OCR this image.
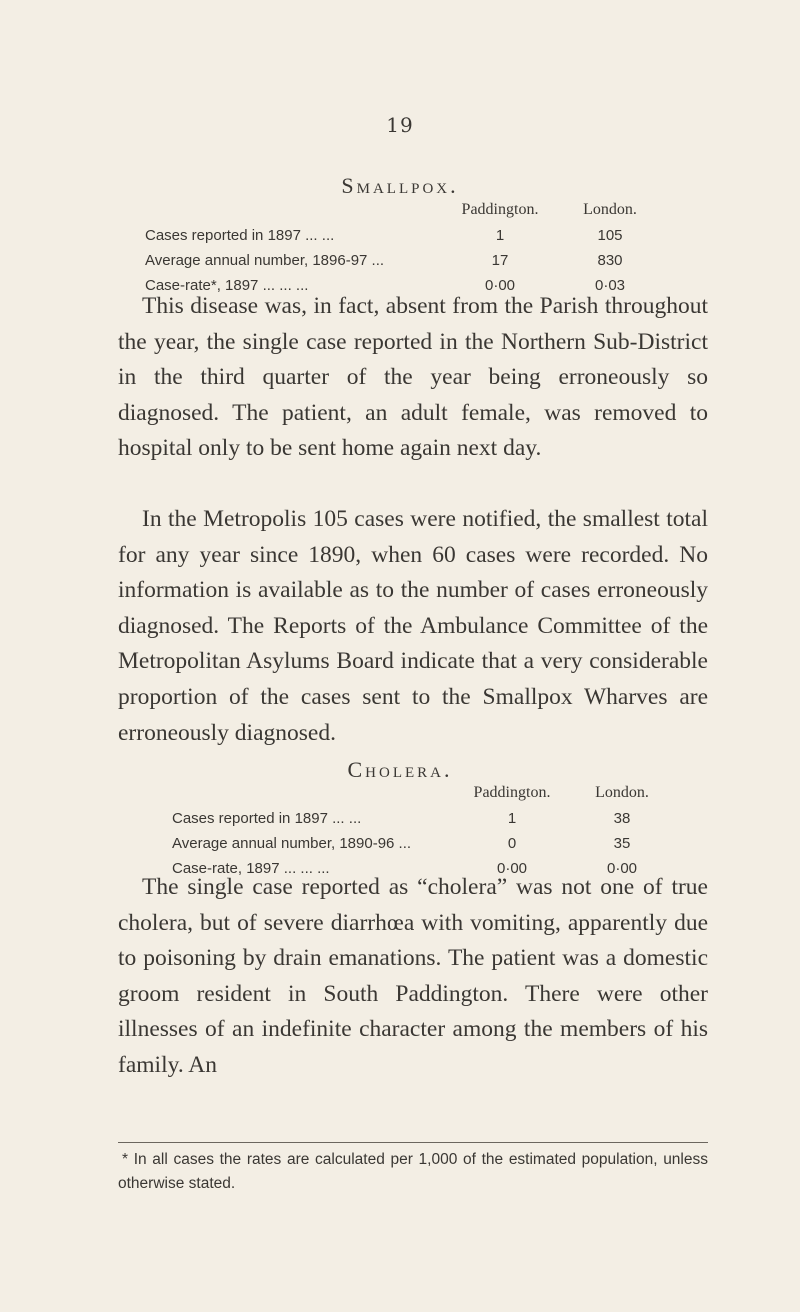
19
Smallpox.
	Paddington.	London.
Cases reported in 1897 ... ...	1	105
Average annual number, 1896-97 ...	17	830
Case-rate*, 1897 ... ... ...	0·00	0·03

This disease was, in fact, absent from the Parish throughout the year, the single case reported in the Northern Sub-District in the third quarter of the year being erroneously so diagnosed. The patient, an adult female, was removed to hospital only to be sent home again next day.

In the Metropolis 105 cases were notified, the smallest total for any year since 1890, when 60 cases were recorded. No information is available as to the number of cases erroneously diagnosed. The Reports of the Ambulance Committee of the Metropolitan Asylums Board indicate that a very considerable proportion of the cases sent to the Smallpox Wharves are erroneously diagnosed.

Cholera.
	Paddington.	London.
Cases reported in 1897 ... ...	1	38
Average annual number, 1890-96 ...	0	35
Case-rate, 1897 ... ... ...	0·00	0·00

The single case reported as “cholera” was not one of true cholera, but of severe diarrhœa with vomiting, apparently due to poisoning by drain emanations. The patient was a domestic groom resident in South Paddington. There were other illnesses of an indefinite character among the members of his family. An

* In all cases the rates are calculated per 1,000 of the estimated population, unless otherwise stated.
